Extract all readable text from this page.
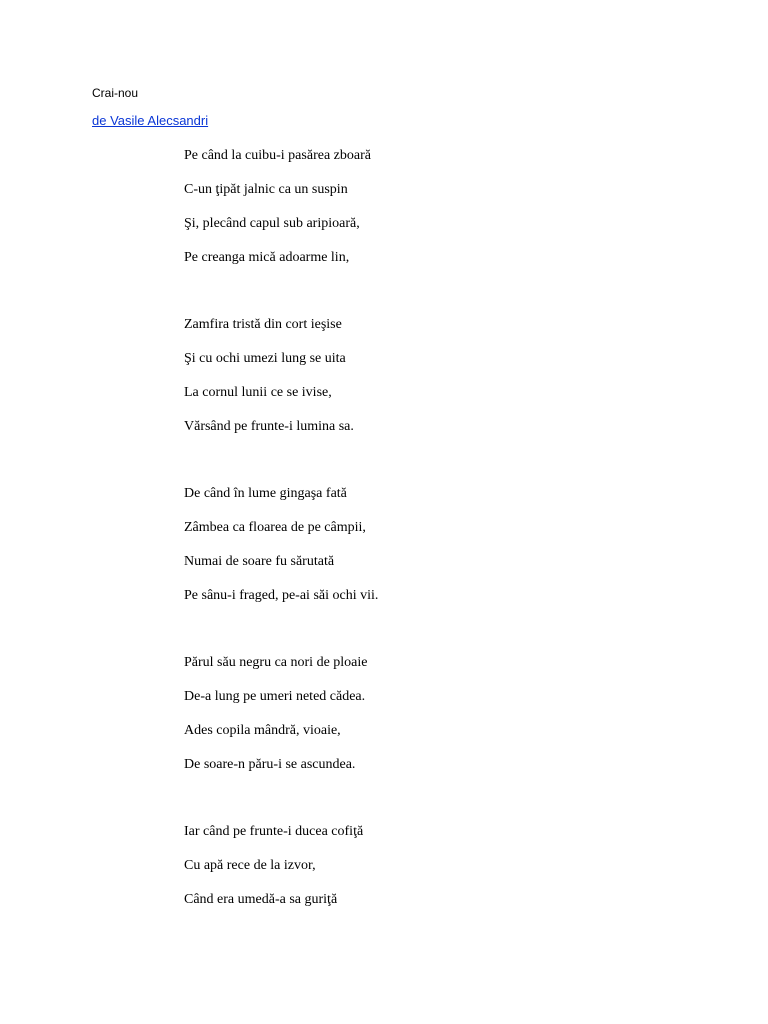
Crai-nou
de Vasile Alecsandri
Pe când la cuibu-i pasărea zboară
C-un ţipăt jalnic ca un suspin
Şi, plecând capul sub aripioară,
Pe creanga mică adoarme lin,
Zamfira tristă din cort ieşise
Şi cu ochi umezi lung se uita
La cornul lunii ce se ivise,
Vărsând pe frunte-i lumina sa.
De când în lume gingaşa fată
Zâmbea ca floarea de pe câmpii,
Numai de soare fu sărutată
Pe sânu-i fraged, pe-ai săi ochi vii.
Părul său negru ca nori de ploaie
De-a lung pe umeri neted cădea.
Ades copila mândră, vioaie,
De soare-n păru-i se ascundea.
Iar când pe frunte-i ducea cofiţă
Cu apă rece de la izvor,
Când era umedă-a sa guriţă
